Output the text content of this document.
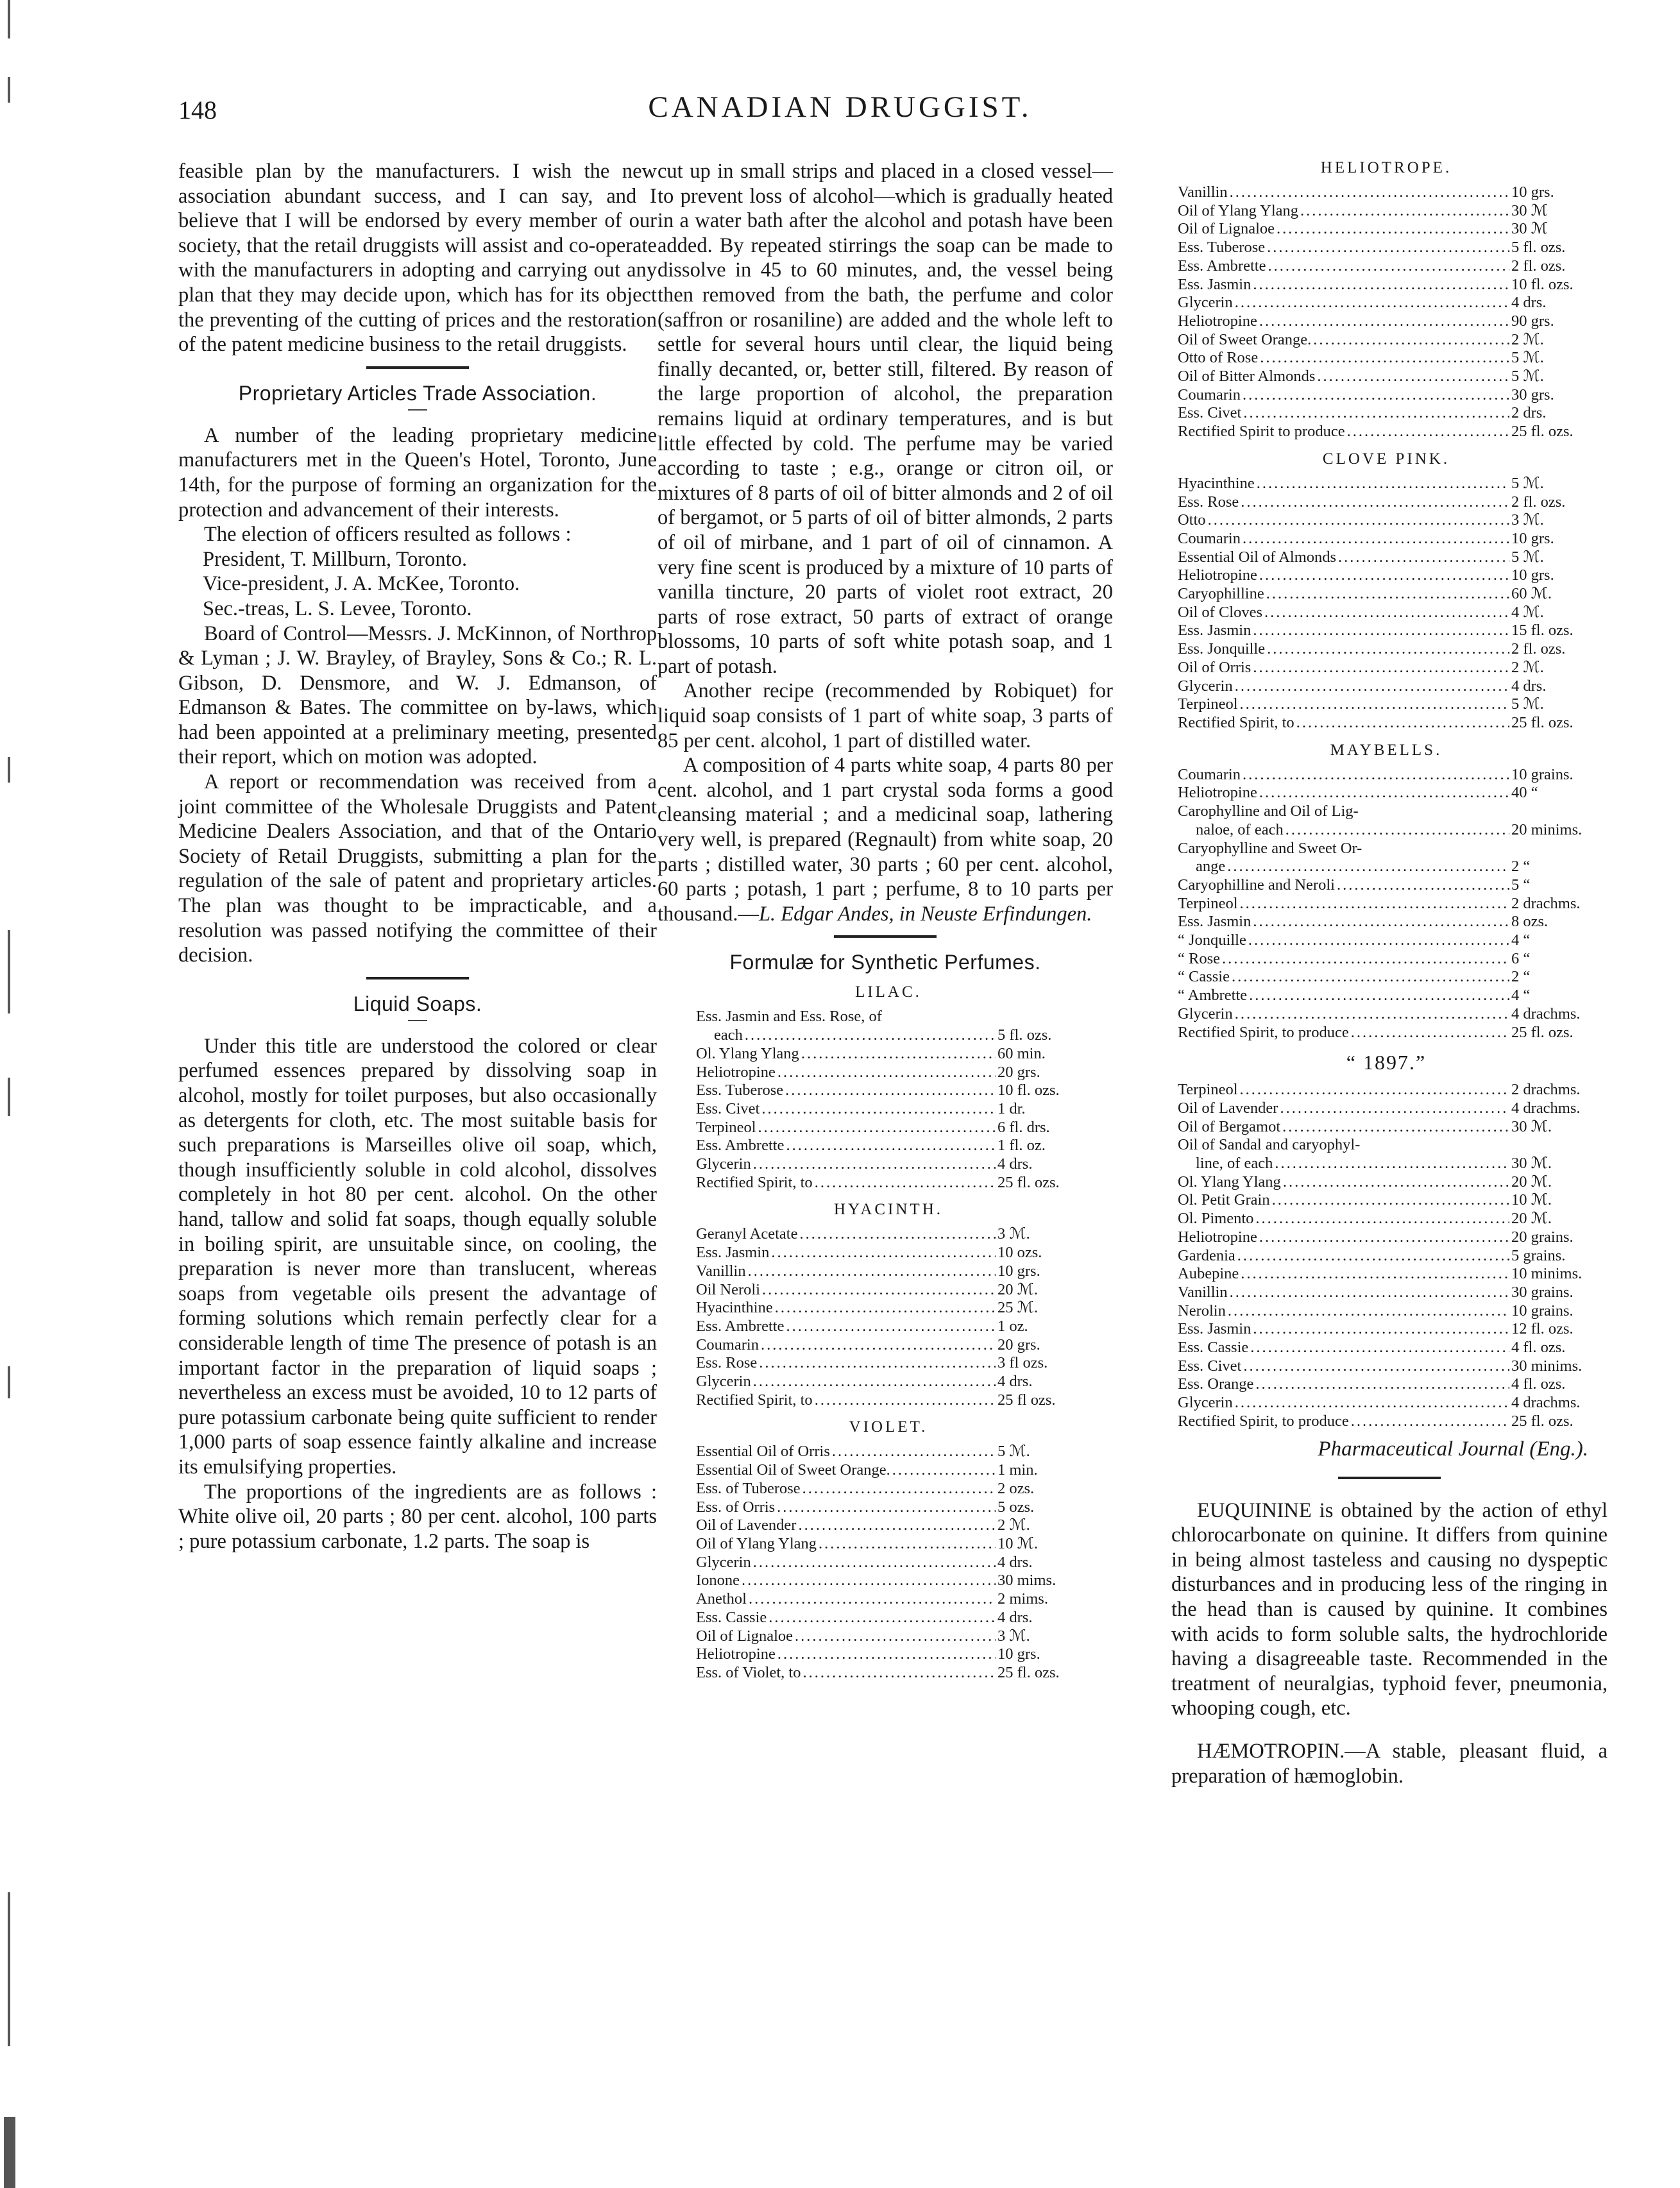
148	CANADIAN DRUGGIST.

feasible plan by the manufacturers. I wish the new association abundant success, and I can say, and I believe that I will be endorsed by every member of our society, that the retail druggists will assist and co-operate with the manufacturers in adopting and carrying out any plan that they may decide upon, which has for its object the preventing of the cutting of prices and the restoration of the patent medicine business to the retail druggists.

Proprietary Articles Trade Association.

A number of the leading proprietary medicine manufacturers met in the Queen's Hotel, Toronto, June 14th, for the purpose of forming an organization for the protection and advancement of their interests.

The election of officers resulted as follows :

President, T. Millburn, Toronto.

Vice-president, J. A. McKee, Toronto.

Sec.-treas, L. S. Levee, Toronto.

Board of Control—Messrs. J. McKinnon, of Northrop & Lyman ; J. W. Brayley, of Brayley, Sons & Co.; R. L. Gibson, D. Densmore, and W. J. Edmanson, of Edmanson & Bates. The committee on by-laws, which had been appointed at a preliminary meeting, presented their report, which on motion was adopted.

A report or recommendation was received from a joint committee of the Wholesale Druggists and Patent Medicine Dealers Association, and that of the Ontario Society of Retail Druggists, submitting a plan for the regulation of the sale of patent and proprietary articles. The plan was thought to be impracticable, and a resolution was passed notifying the committee of their decision.

Liquid Soaps.

Under this title are understood the colored or clear perfumed essences prepared by dissolving soap in alcohol, mostly for toilet purposes, but also occasionally as detergents for cloth, etc. The most suitable basis for such preparations is Marseilles olive oil soap, which, though insufficiently soluble in cold alcohol, dissolves completely in hot 80 per cent. alcohol. On the other hand, tallow and solid fat soaps, though equally soluble in boiling spirit, are unsuitable since, on cooling, the preparation is never more than translucent, whereas soaps from vegetable oils present the advantage of forming solutions which remain perfectly clear for a considerable length of time The presence of potash is an important factor in the preparation of liquid soaps ; nevertheless an excess must be avoided, 10 to 12 parts of pure potassium carbonate being quite sufficient to render 1,000 parts of soap essence faintly alkaline and increase its emulsifying properties.

The proportions of the ingredients are as follows : White olive oil, 20 parts ; 80 per cent. alcohol, 100 parts ; pure potassium carbonate, 1.2 parts. The soap is

cut up in small strips and placed in a closed vessel—to prevent loss of alcohol—which is gradually heated in a water bath after the alcohol and potash have been added. By repeated stirrings the soap can be made to dissolve in 45 to 60 minutes, and, the vessel being then removed from the bath, the perfume and color (saffron or rosaniline) are added and the whole left to settle for several hours until clear, the liquid being finally decanted, or, better still, filtered. By reason of the large proportion of alcohol, the preparation remains liquid at ordinary temperatures, and is but little effected by cold. The perfume may be varied according to taste ; e.g., orange or citron oil, or mixtures of 8 parts of oil of bitter almonds and 2 of oil of bergamot, or 5 parts of oil of bitter almonds, 2 parts of oil of mirbane, and 1 part of oil of cinnamon. A very fine scent is produced by a mixture of 10 parts of vanilla tincture, 20 parts of violet root extract, 20 parts of rose extract, 50 parts of extract of orange blossoms, 10 parts of soft white potash soap, and 1 part of potash.

Another recipe (recommended by Robiquet) for liquid soap consists of 1 part of white soap, 3 parts of 85 per cent. alcohol, 1 part of distilled water.

A composition of 4 parts white soap, 4 parts 80 per cent. alcohol, and 1 part crystal soda forms a good cleansing material ; and a medicinal soap, lathering very well, is prepared (Regnault) from white soap, 20 parts ; distilled water, 30 parts ; 60 per cent. alcohol, 60 parts ; potash, 1 part ; perfume, 8 to 10 parts per thousand.—L. Edgar Andes, in Neuste Erfindungen.

Formulæ for Synthetic Perfumes.
LILAC.
Ess. Jasmin and Ess. Rose, of
each .....	5 fl. ozs.
Ol. Ylang Ylang .....	60 min.
Heliotropine .....	20 grs.
Ess. Tuberose .....	10 fl. ozs.
Ess. Civet .....	1 dr.
Terpineol .....	6 fl. drs.
Ess. Ambrette .....	1 fl. oz.
Glycerin .....	4 drs.
Rectified Spirit, to .....	25 fl. ozs.
HYACINTH.
Geranyl Acetate .....	3 ℳ.
Ess. Jasmin .....	10 ozs.
Vanillin .....	10 grs.
Oil Neroli .....	20 ℳ.
Hyacinthine .....	25 ℳ.
Ess. Ambrette .....	1 oz.
Coumarin .....	20 grs.
Ess. Rose .....	3 fl ozs.
Glycerin .....	4 drs.
Rectified Spirit, to .....	25 fl ozs.
VIOLET.
Essential Oil of Orris .....	5 ℳ.
Essential Oil of Sweet Orange. .....	1 min.
Ess. of Tuberose .....	2 ozs.
Ess. of Orris .....	5 ozs.
Oil of Lavender .....	2 ℳ.
Oil of Ylang Ylang .....	10 ℳ.
Glycerin .....	4 drs.
Ionone .....	30 mims.
Anethol .....	2 mims.
Ess. Cassie .....	4 drs.
Oil of Lignaloe .....	3 ℳ.
Heliotropine .....	10 grs.
Ess. of Violet, to .....	25 fl. ozs.
HELIOTROPE.
Vanillin .....	10 grs.
Oil of Ylang Ylang .....	30 ℳ
Oil of Lignaloe .....	30 ℳ
Ess. Tuberose .....	5 fl. ozs.
Ess. Ambrette .....	2 fl. ozs.
Ess. Jasmin .....	10 fl. ozs.
Glycerin .....	4 drs.
Heliotropine .....	90 grs.
Oil of Sweet Orange. .....	2 ℳ.
Otto of Rose .....	5 ℳ.
Oil of Bitter Almonds .....	5 ℳ.
Coumarin .....	30 grs.
Ess. Civet .....	2 drs.
Rectified Spirit to produce .....	25 fl. ozs.
CLOVE PINK.
Hyacinthine .....	5 ℳ.
Ess. Rose .....	2 fl. ozs.
Otto .....	3 ℳ.
Coumarin .....	10 grs.
Essential Oil of Almonds .....	5 ℳ.
Heliotropine .....	10 grs.
Caryophilline .....	60 ℳ.
Oil of Cloves .....	4 ℳ.
Ess. Jasmin .....	15 fl. ozs.
Ess. Jonquille .....	2 fl. ozs.
Oil of Orris .....	2 ℳ.
Glycerin .....	4 drs.
Terpineol .....	5 ℳ.
Rectified Spirit, to .....	25 fl. ozs.
MAYBELLS.
Coumarin .....	10 grains.
Heliotropine .....	40 “
Carophylline and Oil of Lig-
naloe, of each .....	20 minims.
Caryophylline and Sweet Or-
ange .....	2 “
Caryophilline and Neroli .....	5 “
Terpineol .....	2 drachms.
Ess. Jasmin .....	8 ozs.
“ Jonquille .....	4 “
“ Rose .....	6 “
“ Cassie .....	2 “
“ Ambrette .....	4 “
Glycerin .....	4 drachms.
Rectified Spirit, to produce .....	25 fl. ozs.
“ 1897.”
Terpineol .....	2 drachms.
Oil of Lavender .....	4 drachms.
Oil of Bergamot .....	30 ℳ.
Oil of Sandal and caryophyl-
line, of each .....	30 ℳ.
Ol. Ylang Ylang .....	20 ℳ.
Ol. Petit Grain .....	10 ℳ.
Ol. Pimento .....	20 ℳ.
Heliotropine .....	20 grains.
Gardenia .....	5 grains.
Aubepine .....	10 minims.
Vanillin .....	30 grains.
Nerolin .....	10 grains.
Ess. Jasmin .....	12 fl. ozs.
Ess. Cassie .....	4 fl. ozs.
Ess. Civet .....	30 minims.
Ess. Orange .....	4 fl. ozs.
Glycerin .....	4 drachms.
Rectified Spirit, to produce .....	25 fl. ozs.
Pharmaceutical Journal (Eng.).

EUQUININE is obtained by the action of ethyl chlorocarbonate on quinine. It differs from quinine in being almost tasteless and causing no dyspeptic disturbances and in producing less of the ringing in the head than is caused by quinine. It combines with acids to form soluble salts, the hydrochloride having a disagreeable taste. Recommended in the treatment of neuralgias, typhoid fever, pneumonia, whooping cough, etc.

HÆMOTROPIN.—A stable, pleasant fluid, a preparation of hæmoglobin.
